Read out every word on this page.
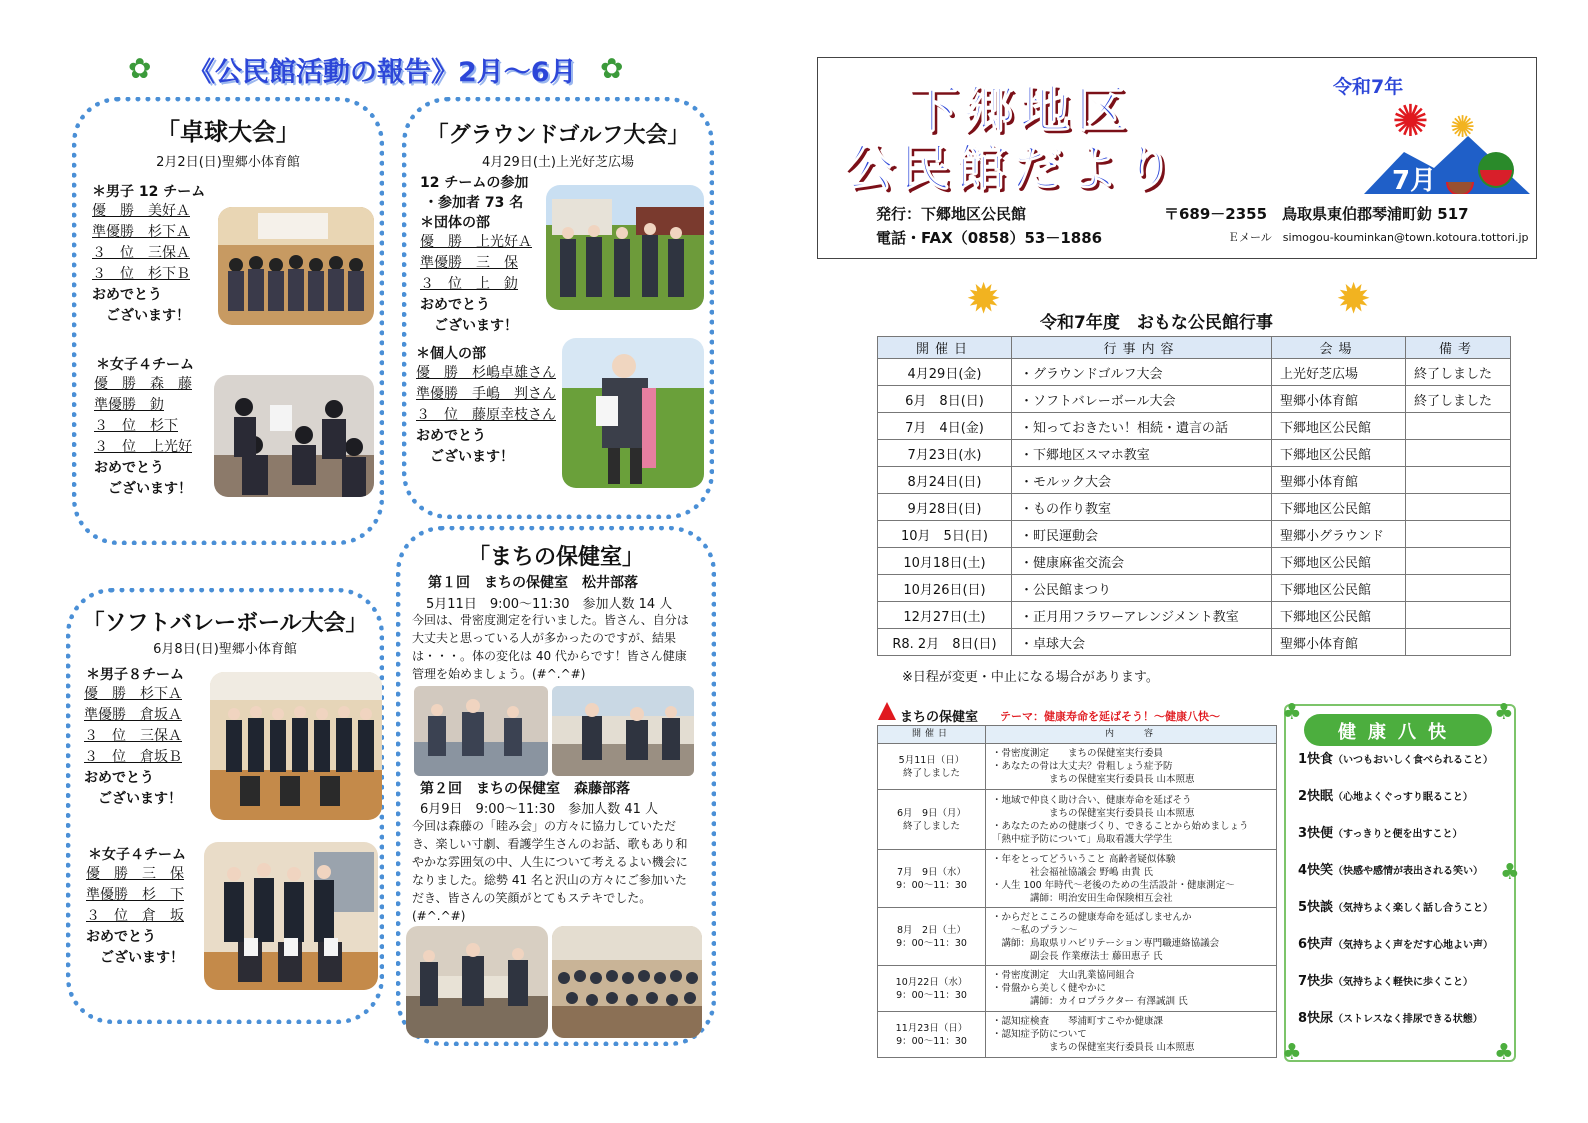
✿ 《公民館活動の報告》2月～6月 ✿
「卓球大会」
2月2日(日)聖郷小体育館
＊男子 12 チーム
優　勝　美好Ａ
準優勝　杉下Ａ
３　位　三保Ａ
３　位　杉下Ｂ
おめでとう
ございます！
＊女子４チーム
優　勝　森　藤
準優勝　釛
３　位　杉下
３　位　上光好
おめでとう
ございます！
「グラウンドゴルフ大会」
4月29日(土)上光好芝広場
12 チームの参加
・参加者 73 名
＊団体の部
優　勝　上光好Ａ
準優勝　三　保
３　位　上　釛
おめでとう
ございます！
＊個人の部
優　勝　杉嶋卓雄さん
準優勝　手嶋　判さん
３　位　藤原幸枝さん
おめでとう
ございます！
「ソフトバレーボール大会」
6月8日(日)聖郷小体育館
＊男子８チーム
優　勝　杉下Ａ
準優勝　倉坂Ａ
３　位　三保Ａ
３　位　倉坂Ｂ
おめでとう
ございます！
＊女子４チーム
優　勝　三　保
準優勝　杉　下
３　位　倉　坂
おめでとう
ございます！
「まちの保健室」
第１回　まちの保健室　松井部落
5月11日　9:00～11:30　参加人数 14 人
今回は、骨密度測定を行いました。皆さん、自分は大丈夫と思っている人が多かったのですが、結果は・・・。体の変化は 40 代からです！皆さん健康管理を始めましょう。(#^.^#)
第２回　まちの保健室　森藤部落
6月9日　9:00～11:30　参加人数 41 人
今回は森藤の「睦み会」の方々に協力していただき、楽しい寸劇、看護学生さんのお話、歌もあり和やかな雰囲気の中、人生について考えるよい機会になりました。総勢 41 名と沢山の方々にご参加いただき、皆さんの笑顔がとてもステキでした。(#^.^#)
下郷地区
公民館だより
令和7年
✺ ✺
7月
発行：下郷地区公民館	〒689－2355　鳥取県東伯郡琴浦町釛 517
電話・FAX（0858）53－1886	Ｅメール　simogou-kouminkan@town.kotoura.tottori.jp
✹ 令和7年度　おもな公民館行事 ✹
開催日	行事内容	会場	備考
4月29日(金)	・グラウンドゴルフ大会	上光好芝広場	終了しました
6月　8日(日)	・ソフトバレーボール大会	聖郷小体育館	終了しました
7月　4日(金)	・知っておきたい！相続・遺言の話	下郷地区公民館	
7月23日(水)	・下郷地区スマホ教室	下郷地区公民館	
8月24日(日)	・モルック大会	聖郷小体育館	
9月28日(日)	・もの作り教室	下郷地区公民館	
10月　5日(日)	・町民運動会	聖郷小グラウンド	
10月18日(土)	・健康麻雀交流会	下郷地区公民館	
10月26日(日)	・公民館まつり	下郷地区公民館	
12月27日(土)	・正月用フラワーアレンジメント教室	下郷地区公民館	
R8. 2月　8日(日)	・卓球大会	聖郷小体育館	
※日程が変更・中止になる場合があります。
まちの保健室 テーマ：健康寿命を延ばそう！～健康八快～
開催日	内　　容
5月11日（日）
終了しました	・骨密度測定　　まちの保健室実行委員
・あなたの骨は大丈夫？骨粗しょう症予防
　　　　　　まちの保健室実行委員長 山本照恵
6月　9日（月）
終了しました	・地域で仲良く助け合い、健康寿命を延ばそう
　　　　　　まちの保健室実行委員長 山本照恵
・あなたのための健康づくり、できることから始めましょう
「熱中症予防について」鳥取看護大学学生
7月　9日（水）
9：00～11：30	・年をとってどういうこと 高齢者疑似体験
　　　　社会福祉協議会 野嶋 由貴 氏
・人生 100 年時代～老後のための生活設計・健康測定～
　　　　講師：明治安田生命保険相互会社
8月　2日（土）
9：00～11：30	・からだとこころの健康寿命を延ばしませんか
　　～私のプラン～
　講師：鳥取県リハビリテーション専門職連絡協議会
　　　　副会長 作業療法士 藤田恵子 氏
10月22日（水）
9：00～11：30	・骨密度測定　大山乳業協同組合
・骨盤から美しく健やかに
　　　　講師：カイロプラクター 有澤誠訓 氏
11月23日（日）
9：00～11：30	・認知症検査　　琴浦町すこやか健康課
・認知症予防について
　　　　　　まちの保健室実行委員長 山本照恵
♣	♣
♣	♣
♣
健康八快
1快食（いつもおいしく食べられること）
2快眠（心地よくぐっすり眠ること）
3快便（すっきりと便を出すこと）
4快笑（快感や感情が表出される笑い）
5快談（気持ちよく楽しく話し合うこと）
6快声（気持ちよく声をだす心地よい声）
7快歩（気持ちよく軽快に歩くこと）
8快尿（ストレスなく排尿できる状態）
